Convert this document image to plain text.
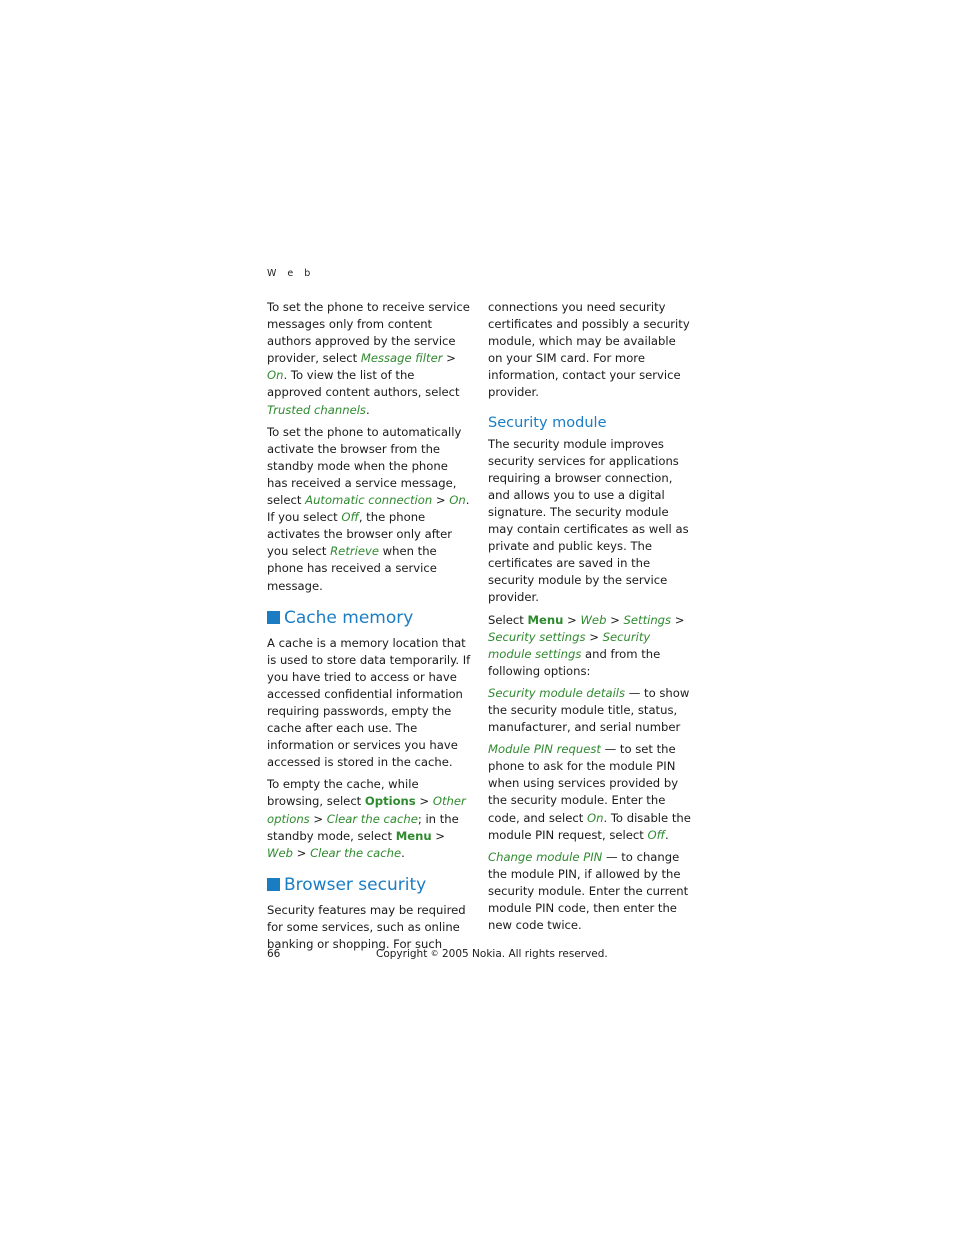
W e b

To set the phone to receive service messages only from content authors approved by the service provider, select Message filter > On. To view the list of the approved content authors, select Trusted channels.

To set the phone to automatically activate the browser from the standby mode when the phone has received a service message, select Automatic connection > On. If you select Off, the phone activates the browser only after you select Retrieve when the phone has received a service message.

Cache memory

A cache is a memory location that is used to store data temporarily. If you have tried to access or have accessed confidential information requiring passwords, empty the cache after each use. The information or services you have accessed is stored in the cache.

To empty the cache, while browsing, select Options > Other options > Clear the cache; in the standby mode, select Menu > Web > Clear the cache.

Browser security

Security features may be required for some services, such as online banking or shopping. For such

connections you need security certificates and possibly a security module, which may be available on your SIM card. For more information, contact your service provider.

Security module

The security module improves security services for applications requiring a browser connection, and allows you to use a digital signature. The security module may contain certificates as well as private and public keys. The certificates are saved in the security module by the service provider.

Select Menu > Web > Settings > Security settings > Security module settings and from the following options:

Security module details — to show the security module title, status, manufacturer, and serial number

Module PIN request — to set the phone to ask for the module PIN when using services provided by the security module. Enter the code, and select On. To disable the module PIN request, select Off.

Change module PIN — to change the module PIN, if allowed by the security module. Enter the current module PIN code, then enter the new code twice.

66	Copyright © 2005 Nokia. All rights reserved.
